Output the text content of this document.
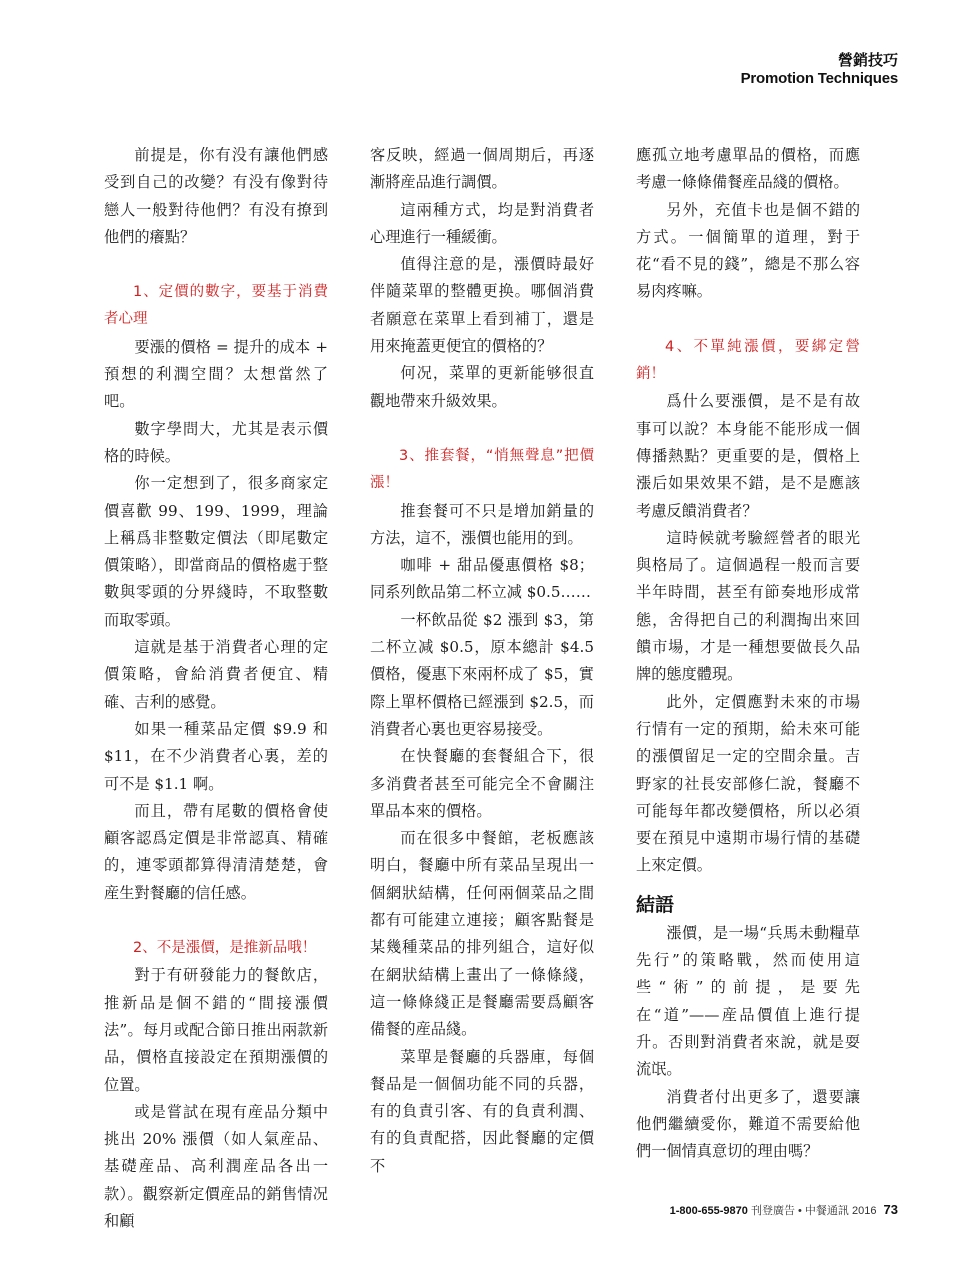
營銷技巧
Promotion Techniques

前提是，你有没有讓他們感受到自己的改變？有没有像對待戀人一般對待他們？有没有撩到他們的癢點？

1、定價的數字，要基于消費者心理

要漲的價格 = 提升的成本 + 預想的利潤空間？太想當然了吧。

數字學問大，尤其是表示價格的時候。

你一定想到了，很多商家定價喜歡 99、199、1999，理論上稱爲非整數定價法（即尾數定價策略），即當商品的價格處于整數與零頭的分界綫時，不取整數而取零頭。

這就是基于消費者心理的定價策略，會給消費者便宜、精確、吉利的感覺。

如果一種菜品定價 $9.9 和 $11，在不少消費者心裏，差的可不是 $1.1 啊。

而且，帶有尾數的價格會使顧客認爲定價是非常認真、精確的，連零頭都算得清清楚楚，會産生對餐廳的信任感。

2、不是漲價，是推新品哦！

對于有研發能力的餐飲店，推新品是個不錯的“間接漲價法”。每月或配合節日推出兩款新品，價格直接設定在預期漲價的位置。

或是嘗試在現有産品分類中挑出 20% 漲價（如人氣産品、基礎産品、高利潤産品各出一款）。觀察新定價産品的銷售情况和顧

客反映，經過一個周期后，再逐漸將産品進行調價。

這兩種方式，均是對消費者心理進行一種緩衝。

值得注意的是，漲價時最好伴隨菜單的整體更换。哪個消費者願意在菜單上看到補丁，還是用來掩蓋更便宜的價格的？

何况，菜單的更新能够很直觀地帶來升級效果。

3、推套餐，“悄無聲息”把價漲！

推套餐可不只是增加銷量的方法，這不，漲價也能用的到。

咖啡 + 甜品優惠價格 $8；同系列飲品第二杯立减 $0.5……

一杯飲品從 $2 漲到 $3，第二杯立减 $0.5，原本總計 $4.5 價格，優惠下來兩杯成了 $5，實際上單杯價格已經漲到 $2.5，而消費者心裏也更容易接受。

在快餐廳的套餐組合下，很多消費者甚至可能完全不會關注單品本來的價格。

而在很多中餐館，老板應該明白，餐廳中所有菜品呈現出一個網狀結構，任何兩個菜品之間都有可能建立連接；顧客點餐是某幾種菜品的排列組合，這好似在網狀結構上畫出了一條條綫，這一條條綫正是餐廳需要爲顧客備餐的産品綫。

菜單是餐廳的兵器庫，每個餐品是一個個功能不同的兵器，有的負責引客、有的負責利潤、有的負責配搭，因此餐廳的定價不

應孤立地考慮單品的價格，而應考慮一條條備餐産品綫的價格。

另外，充值卡也是個不錯的方式。一個簡單的道理，對于花“看不見的錢”，總是不那么容易肉疼嘛。

4、不單純漲價，要綁定營銷！

爲什么要漲價，是不是有故事可以說？本身能不能形成一個傳播熱點？更重要的是，價格上漲后如果效果不錯，是不是應該考慮反饋消費者？

這時候就考驗經營者的眼光與格局了。這個過程一般而言要半年時間，甚至有節奏地形成常態，舍得把自己的利潤掏出來回饋市場，才是一種想要做長久品牌的態度體現。

此外，定價應對未來的市場行情有一定的預期，給未來可能的漲價留足一定的空間余量。吉野家的社長安部修仁說，餐廳不可能每年都改變價格，所以必須要在預見中遠期市場行情的基礎上來定價。

結語

漲價，是一場“兵馬未動糧草先行”的策略戰，然而使用這些“術”的前提，是要先在“道”——産品價值上進行提升。否則對消費者來說，就是耍流氓。

消費者付出更多了，還要讓他們繼續愛你，難道不需要給他們一個情真意切的理由嗎？

1-800-655-9870 刊登廣告 • 中餐通訊 2016 73
